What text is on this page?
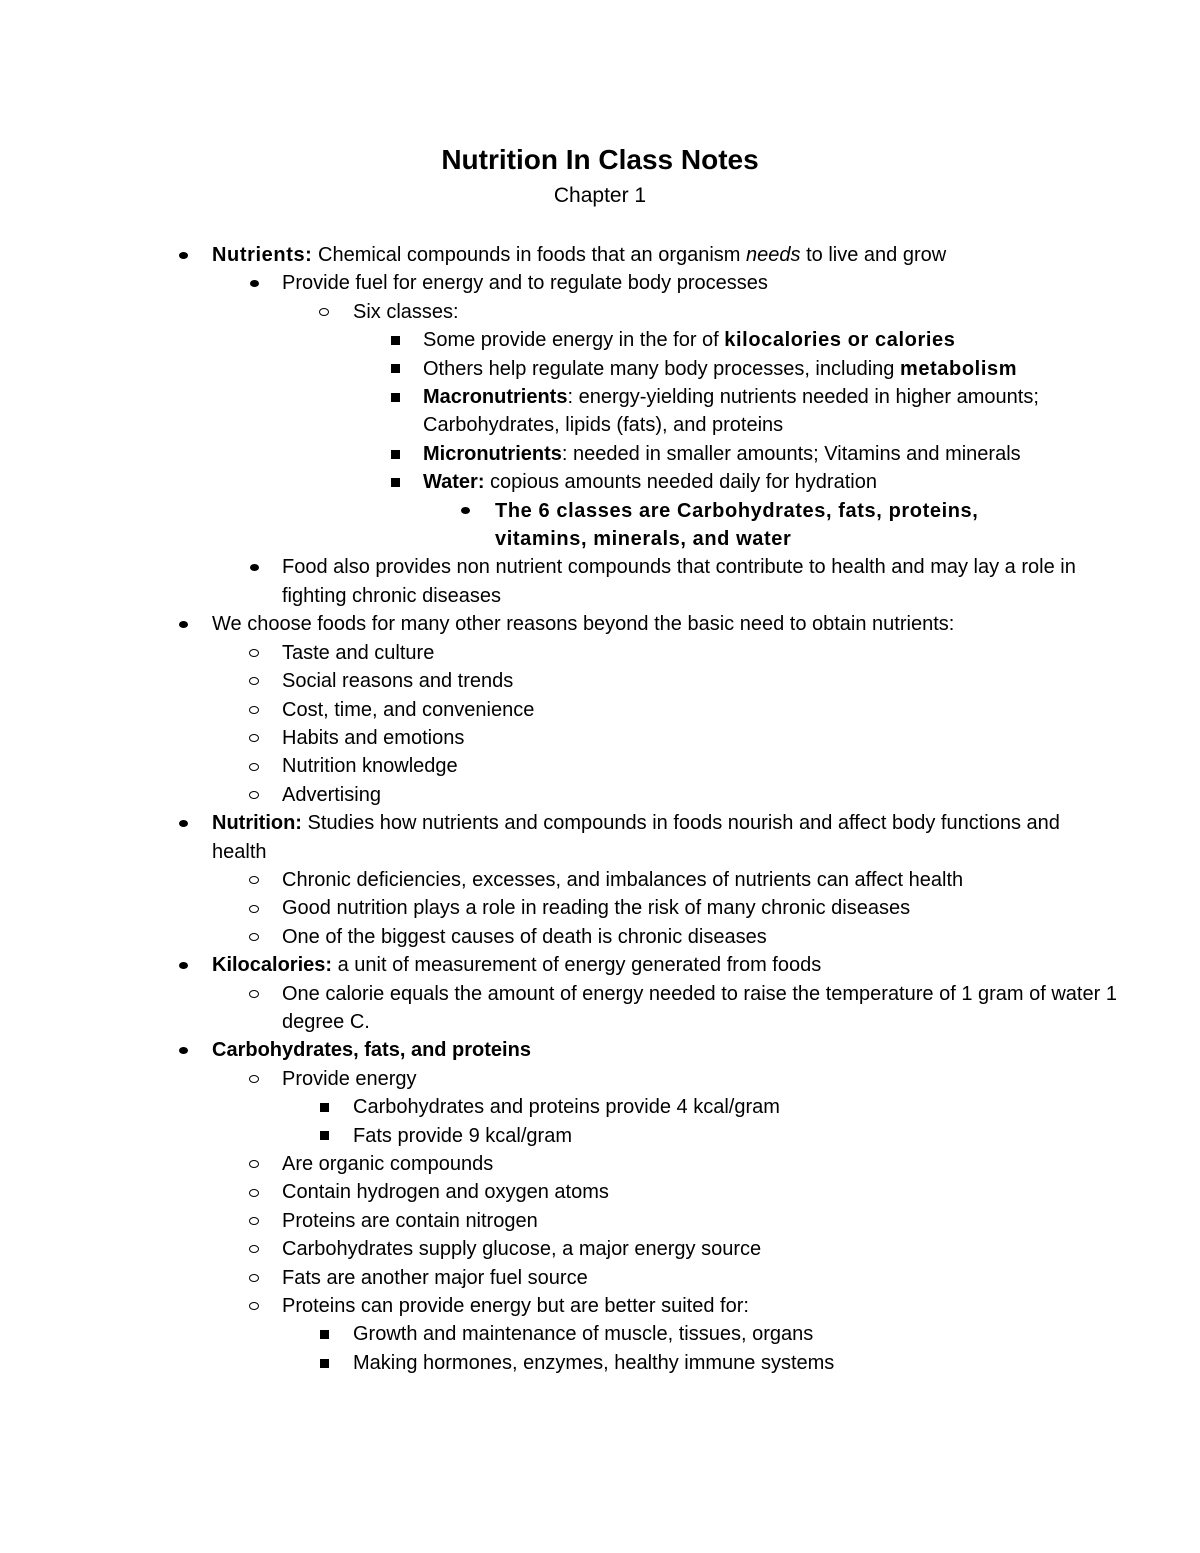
Nutrition In Class Notes
Chapter 1
Nutrients: Chemical compounds in foods that an organism needs to live and grow
Provide fuel for energy and to regulate body processes
Six classes:
Some provide energy in the for of kilocalories or calories
Others help regulate many body processes, including metabolism
Macronutrients: energy-yielding nutrients needed in higher amounts; Carbohydrates, lipids (fats), and proteins
Micronutrients: needed in smaller amounts; Vitamins and minerals
Water: copious amounts needed daily for hydration
The 6 classes are Carbohydrates, fats, proteins, vitamins, minerals, and water
Food also provides non nutrient compounds that contribute to health and may lay a role in fighting chronic diseases
We choose foods for many other reasons beyond the basic need to obtain nutrients:
Taste and culture
Social reasons and trends
Cost, time, and convenience
Habits and emotions
Nutrition knowledge
Advertising
Nutrition: Studies how nutrients and compounds in foods nourish and affect body functions and health
Chronic deficiencies, excesses, and imbalances of nutrients can affect health
Good nutrition plays a role in reading the risk of many chronic diseases
One of the biggest causes of death is chronic diseases
Kilocalories: a unit of measurement of energy generated from foods
One calorie equals the amount of energy needed to raise the temperature of 1 gram of water 1 degree C.
Carbohydrates, fats, and proteins
Provide energy
Carbohydrates and proteins provide 4 kcal/gram
Fats provide 9 kcal/gram
Are organic compounds
Contain hydrogen and oxygen atoms
Proteins are contain nitrogen
Carbohydrates supply glucose, a major energy source
Fats are another major fuel source
Proteins can provide energy but are better suited for:
Growth and maintenance of muscle, tissues, organs
Making hormones, enzymes, healthy immune systems
